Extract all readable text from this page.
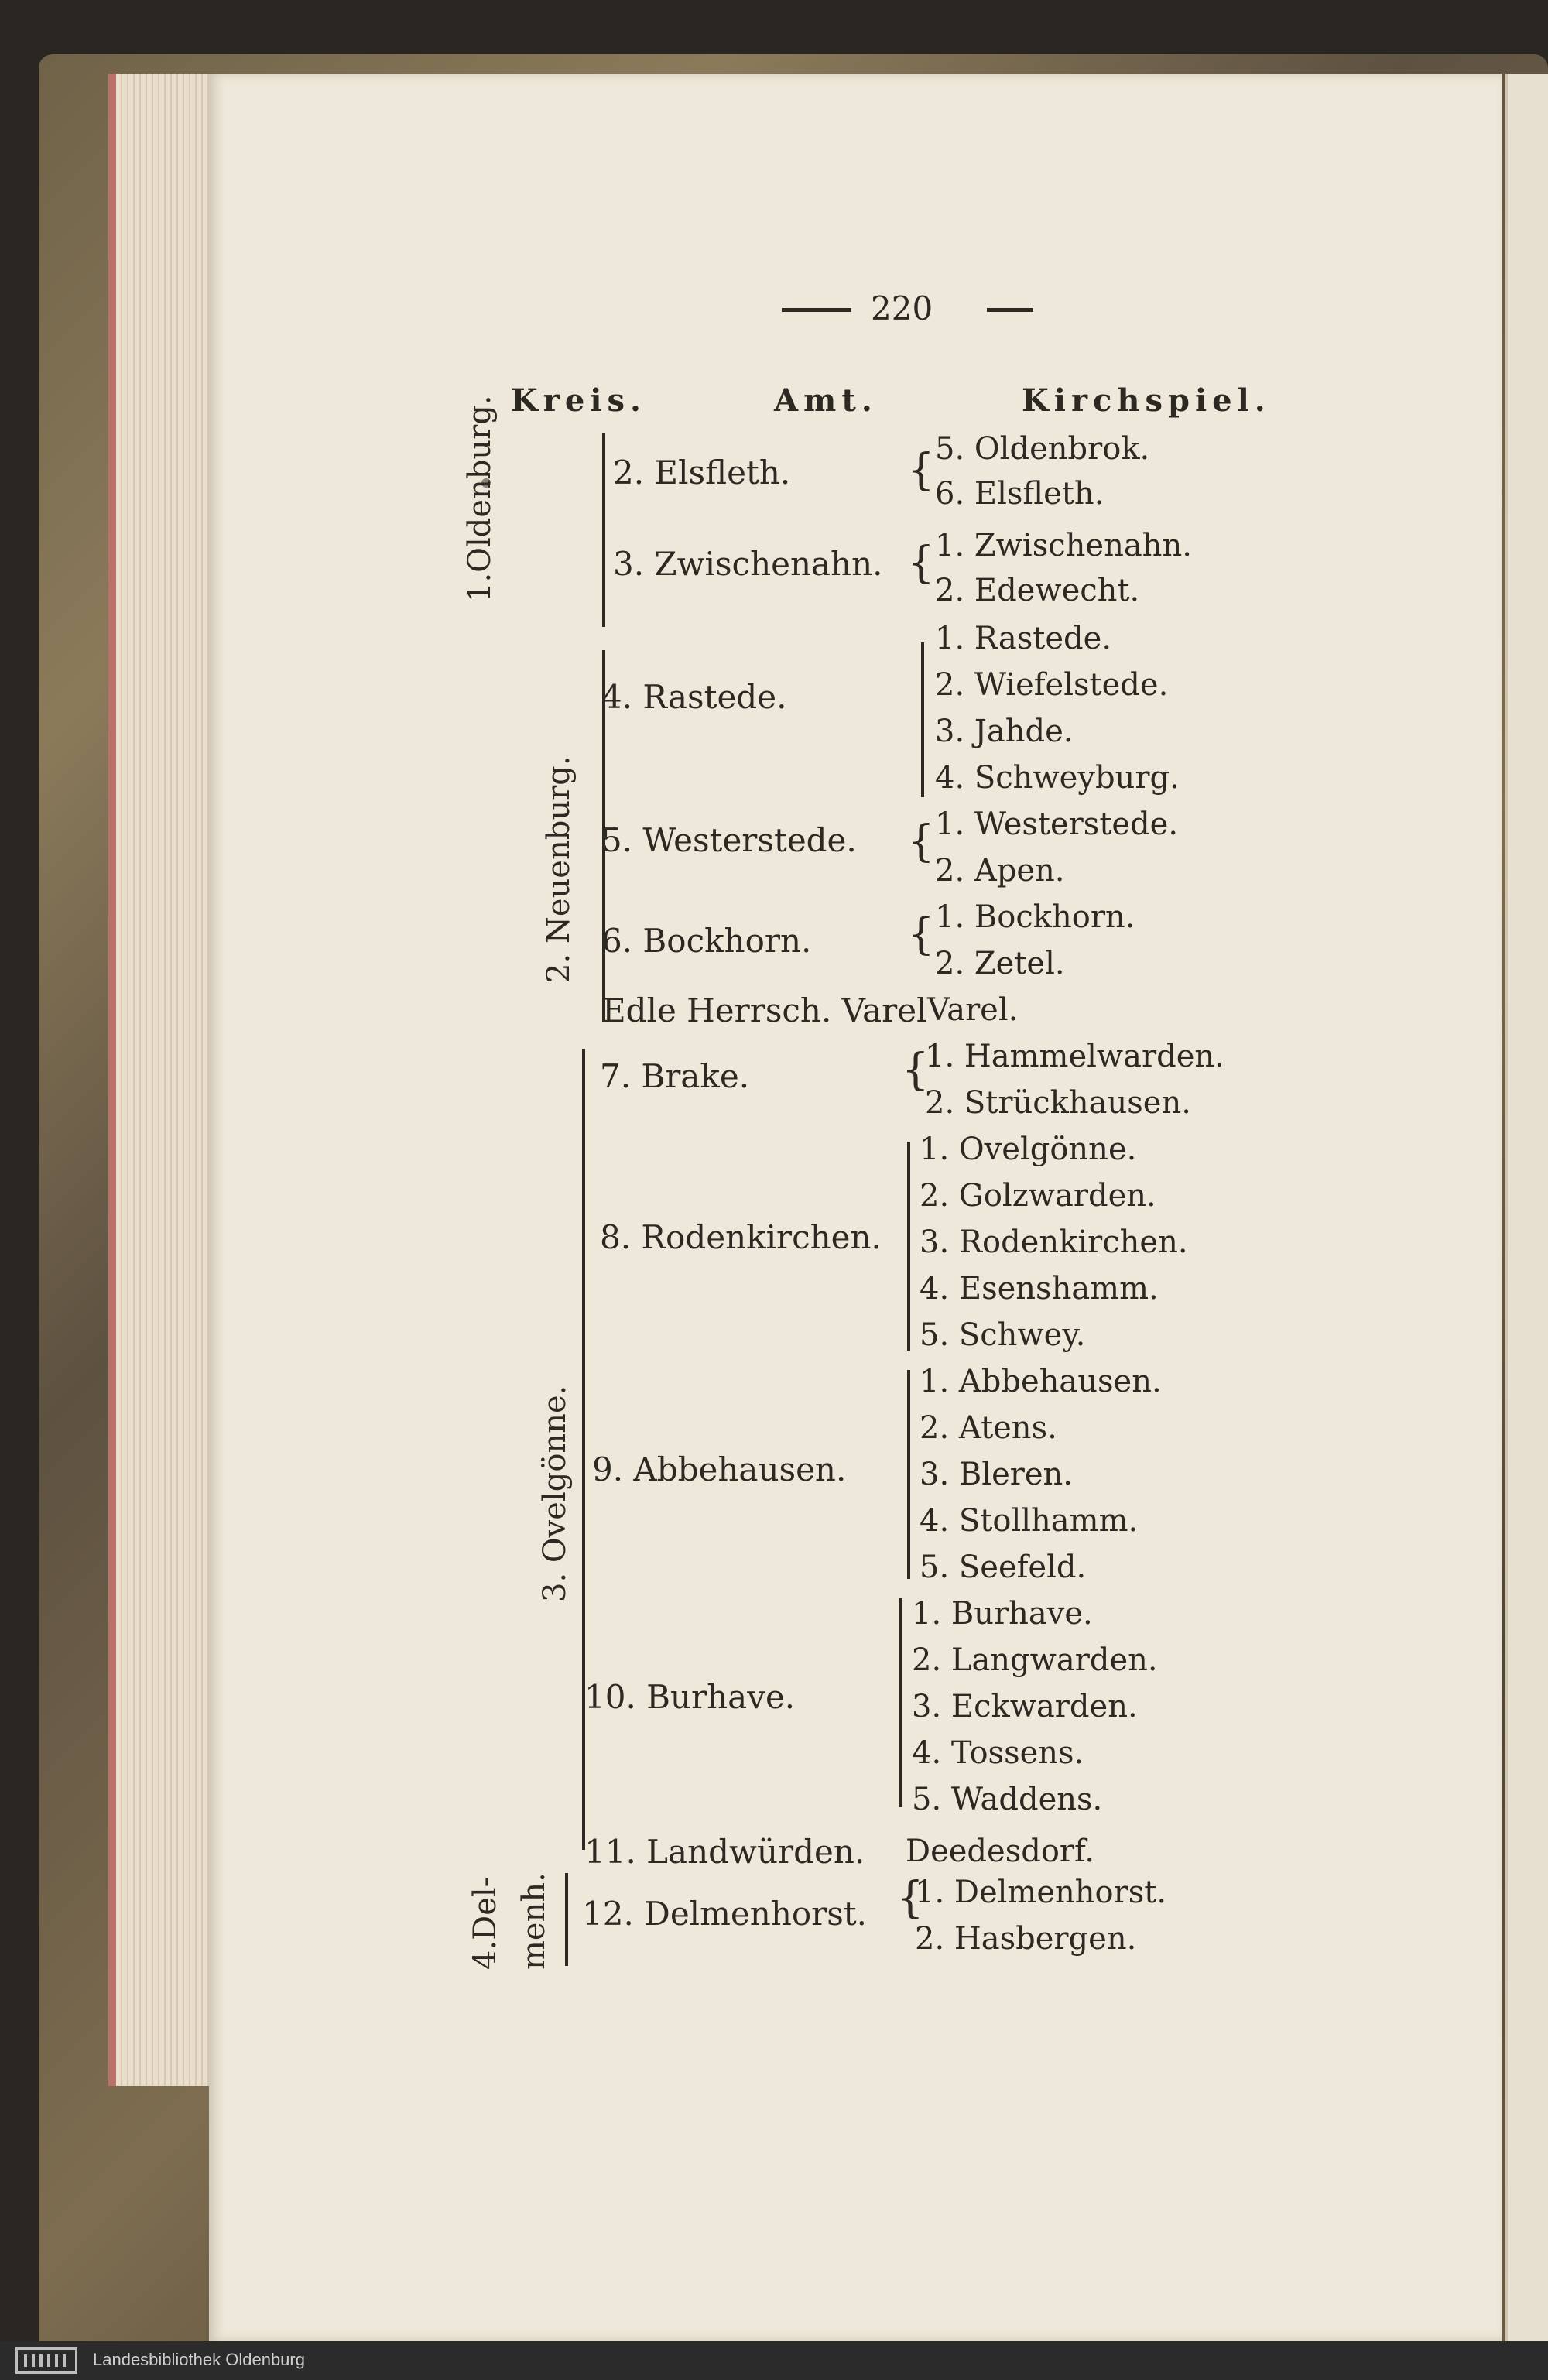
220
Kreis.	Amt.	Kirchspiel.
1.Oldenburg.
2. Neuenburg.
3. Ovelgönne.
4.Del- menh.
2. Elsfleth.
3. Zwischenahn.
4. Rastede.
5. Westerstede.
6. Bockhorn.
Edle Herrsch. Varel
7. Brake.
8. Rodenkirchen.
9. Abbehausen.
10. Burhave.
11. Landwürden.
12. Delmenhorst.
{
{
{
{
{
{
5. Oldenbrok.
6. Elsfleth.
1. Zwischenahn.
2. Edewecht.
1. Rastede.
2. Wiefelstede.
3. Jahde.
4. Schweyburg.
1. Westerstede.
2. Apen.
1. Bockhorn.
2. Zetel.
Varel.
1. Hammelwarden.
2. Strückhausen.
1. Ovelgönne.
2. Golzwarden.
3. Rodenkirchen.
4. Esenshamm.
5. Schwey.
1. Abbehausen.
2. Atens.
3. Bleren.
4. Stollhamm.
5. Seefeld.
1. Burhave.
2. Langwarden.
3. Eckwarden.
4. Tossens.
5. Waddens.
Deedesdorf.
1. Delmenhorst.
2. Hasbergen.
Landesbibliothek Oldenburg
